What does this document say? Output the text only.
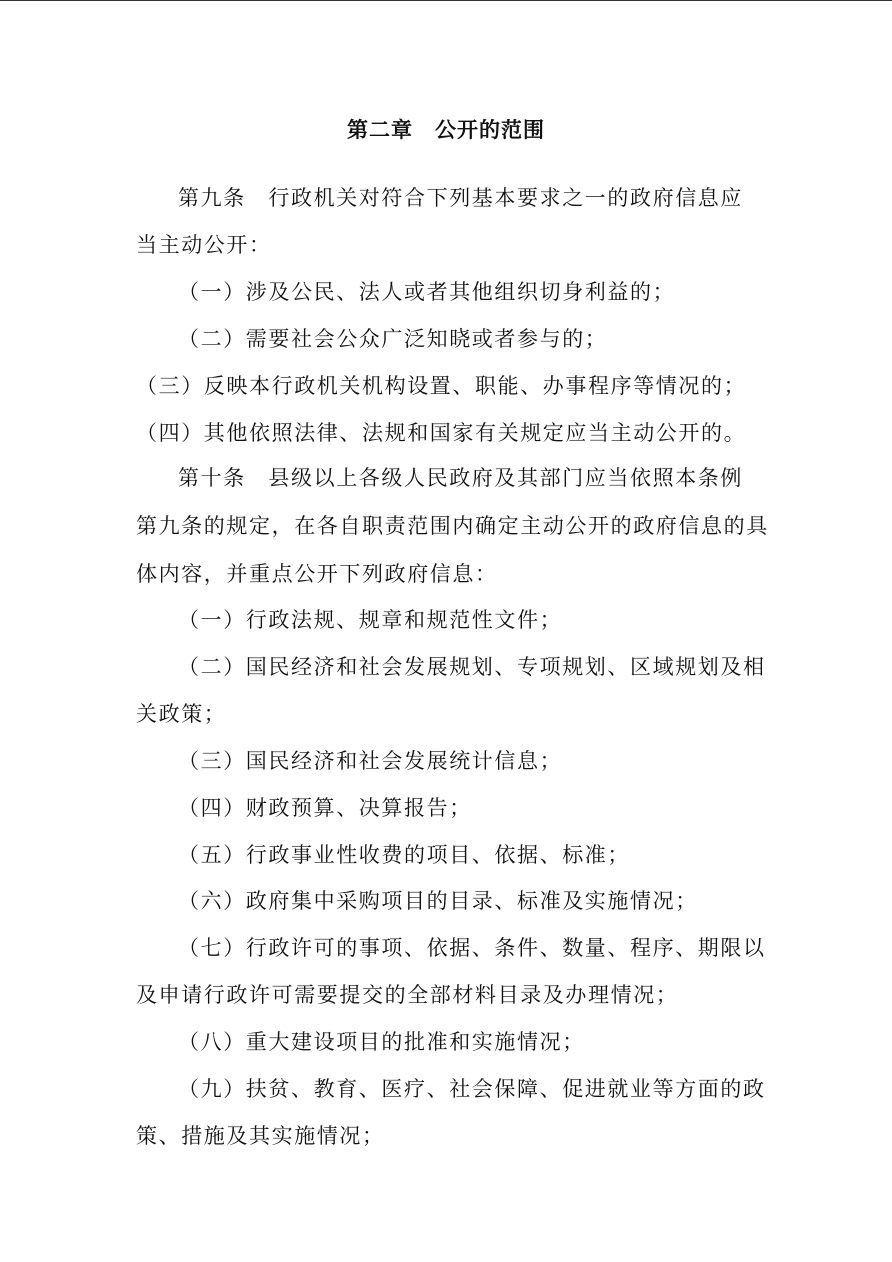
第二章　公开的范围
第九条　行政机关对符合下列基本要求之一的政府信息应
当主动公开：
（一）涉及公民、法人或者其他组织切身利益的；
（二）需要社会公众广泛知晓或者参与的；
（三）反映本行政机关机构设置、职能、办事程序等情况的；
（四）其他依照法律、法规和国家有关规定应当主动公开的。
第十条　县级以上各级人民政府及其部门应当依照本条例
第九条的规定，在各自职责范围内确定主动公开的政府信息的具
体内容，并重点公开下列政府信息：
（一）行政法规、规章和规范性文件；
（二）国民经济和社会发展规划、专项规划、区域规划及相
关政策；
（三）国民经济和社会发展统计信息；
（四）财政预算、决算报告；
（五）行政事业性收费的项目、依据、标准；
（六）政府集中采购项目的目录、标准及实施情况；
（七）行政许可的事项、依据、条件、数量、程序、期限以
及申请行政许可需要提交的全部材料目录及办理情况；
（八）重大建设项目的批准和实施情况；
（九）扶贫、教育、医疗、社会保障、促进就业等方面的政
策、措施及其实施情况；
